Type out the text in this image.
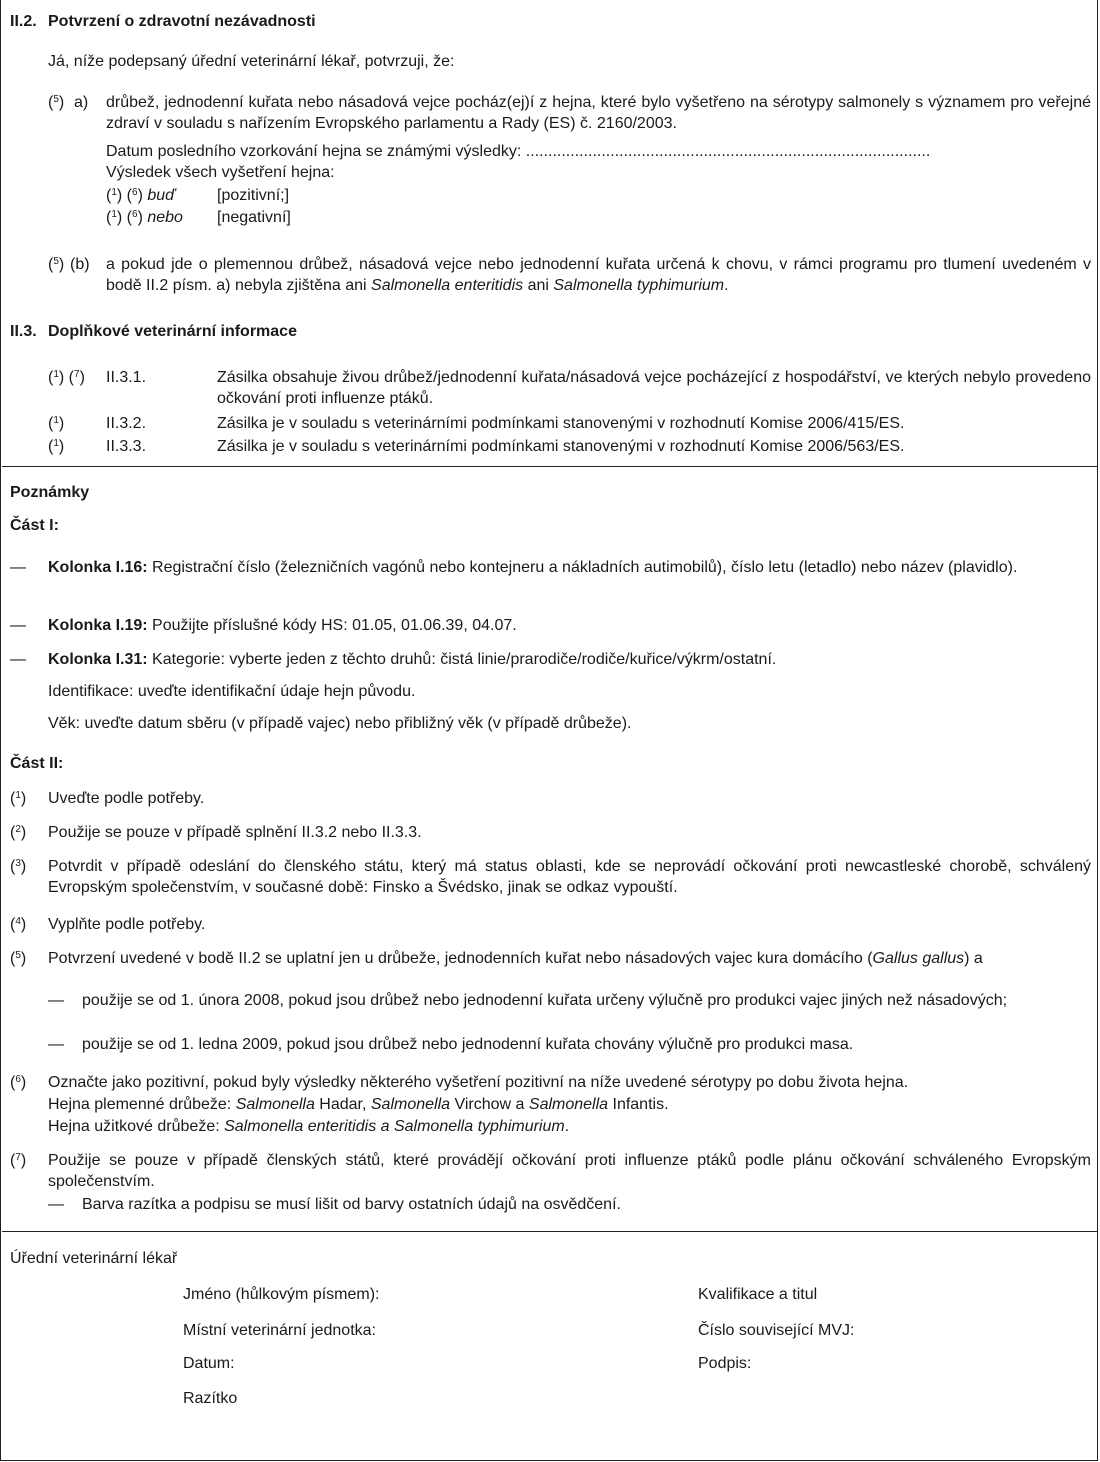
II.2. Potvrzení o zdravotní nezávadnosti
Já, níže podepsaný úřední veterinární lékař, potvrzuji, že:
($^5$) a) drůbež, jednodenní kuřata nebo násadová vejce pocház(ej)í z hejna, které bylo vyšetřeno na sérotypy salmonely s významem pro veřejné zdraví v souladu s nařízením Evropského parlamentu a Rady (ES) č. 2160/2003.
Datum posledního vzorkování hejna se známými výsledky: ...........................................................................................
Výsledek všech vyšetření hejna:
($^1$) ($^6$) buď	[pozitivní;]
($^1$) ($^6$) nebo [negativní]
($^5$) (b) a pokud jde o plemennou drůbež, násadová vejce nebo jednodenní kuřata určená k chovu, v rámci programu pro tlumení uvedeném v bodě II.2 písm. a) nebyla zjištěna ani Salmonella enteritidis ani Salmonella typhimurium.
II.3. Doplňkové veterinární informace
($^1$) ($^7$) II.3.1.	Zásilka obsahuje živou drůbež/jednodenní kuřata/násadová vejce pocházející z hospodářství, ve kterých nebylo provedeno očkování proti influenze ptáků.
($^1$)	II.3.2.	Zásilka je v souladu s veterinárními podmínkami stanovenými v rozhodnutí Komise 2006/415/ES.
($^1$)	II.3.3.	Zásilka je v souladu s veterinárními podmínkami stanovenými v rozhodnutí Komise 2006/563/ES.
Poznámky
Část I:
— Kolonka I.16: Registrační číslo (železničních vagónů nebo kontejneru a nákladních autimobilů), číslo letu (letadlo) nebo název (plavidlo).
— Kolonka I.19: Použijte příslušné kódy HS: 01.05, 01.06.39, 04.07.
— Kolonka I.31: Kategorie: vyberte jeden z těchto druhů: čistá linie/prarodiče/rodiče/kuřice/výkrm/ostatní.
Identifikace: uveďte identifikační údaje hejn původu.
Věk: uveďte datum sběru (v případě vajec) nebo přibližný věk (v případě drůbeže).
Část II:
($^1$) Uveďte podle potřeby.
($^2$) Použije se pouze v případě splnění II.3.2 nebo II.3.3.
($^3$) Potvrdit v případě odeslání do členského státu, který má status oblasti, kde se neprovádí očkování proti newcastleské chorobě, schválený Evropským společenstvím, v současné době: Finsko a Švédsko, jinak se odkaz vypouští.
($^4$) Vyplňte podle potřeby.
($^5$) Potvrzení uvedené v bodě II.2 se uplatní jen u drůbeže, jednodenních kuřat nebo násadových vajec kura domácího (Gallus gallus) a
— použije se od 1. února 2008, pokud jsou drůbež nebo jednodenní kuřata určeny výlučně pro produkci vajec jiných než násadových;
— použije se od 1. ledna 2009, pokud jsou drůbež nebo jednodenní kuřata chovány výlučně pro produkci masa.
($^6$) Označte jako pozitivní, pokud byly výsledky některého vyšetření pozitivní na níže uvedené sérotypy po dobu života hejna.
Hejna plemenné drůbeže: Salmonella Hadar, Salmonella Virchow a Salmonella Infantis.
Hejna užitkové drůbeže: Salmonella enteritidis a Salmonella typhimurium.
($^7$) Použije se pouze v případě členských států, které provádějí očkování proti influenze ptáků podle plánu očkování schváleného Evropským společenstvím.
— Barva razítka a podpisu se musí lišit od barvy ostatních údajů na osvědčení.
Úřední veterinární lékař
Jméno (hůlkovým písmem):	Kvalifikace a titul
Místní veterinární jednotka:	Číslo související MVJ:
Datum:	Podpis:
Razítko
